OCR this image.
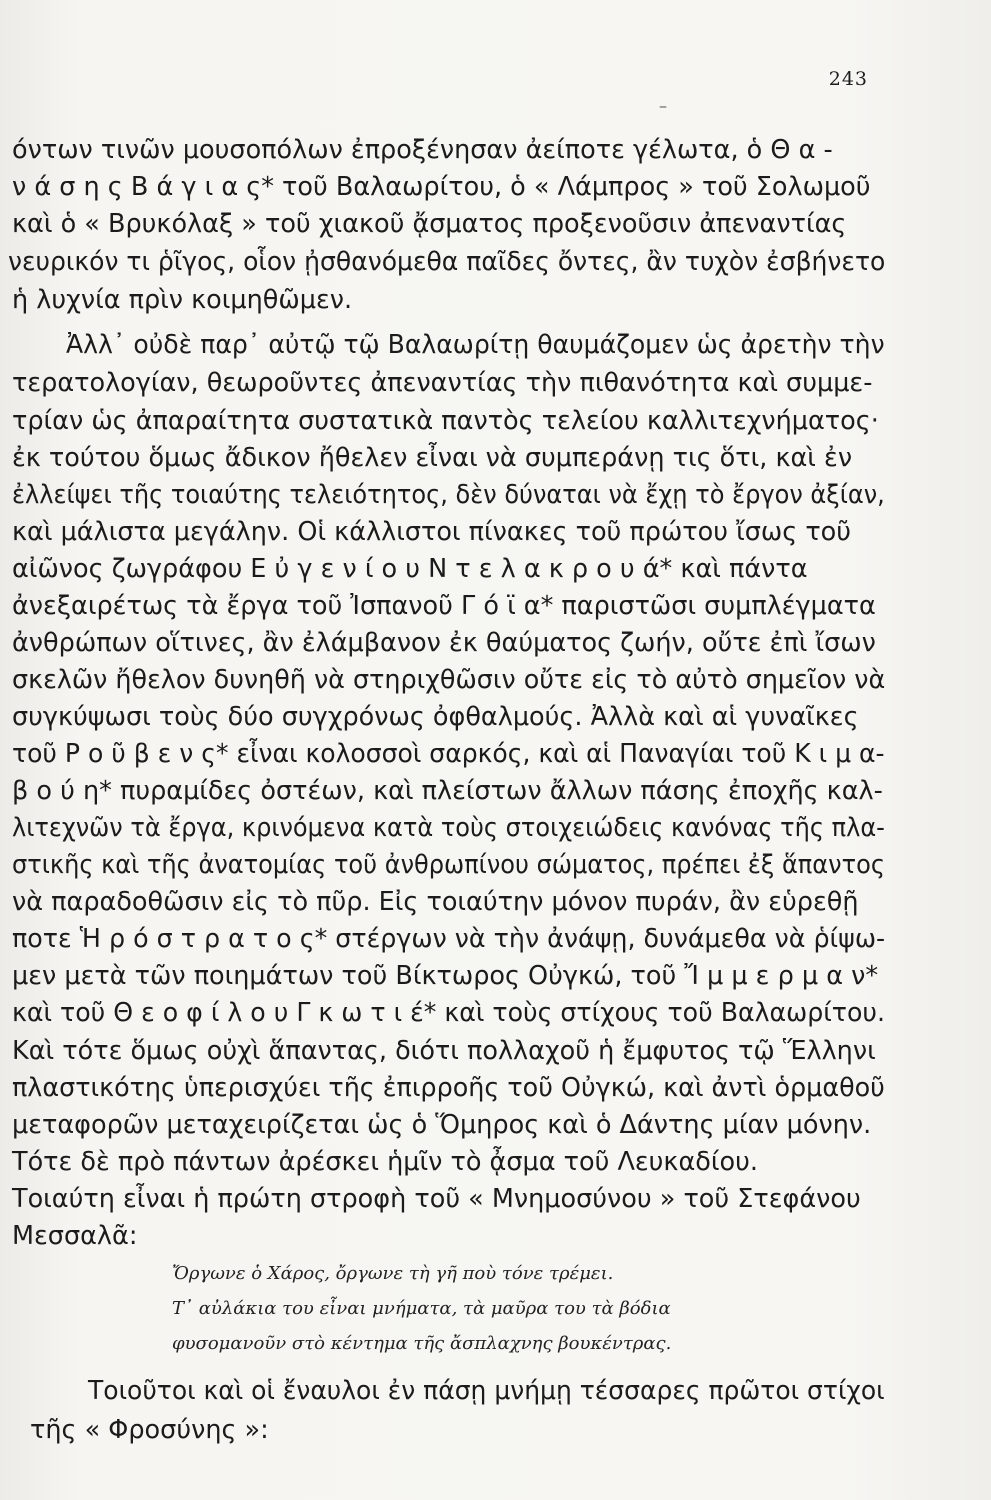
243
–
όντων τινῶν μουσοπόλων ἐπροξένησαν ἀείποτε γέλωτα, ὁ Θ α -
ν ά σ η ς Β ά γ ι α ς* τοῦ Βαλαωρίτου, ὁ « Λάμπρος » τοῦ Σολωμοῦ
καὶ ὁ « Βρυκόλαξ » τοῦ χιακοῦ ᾄσματος προξενοῦσιν ἀπεναντίας
νευρικόν τι ῥῖγος, οἷον ᾐσθανόμεθα παῖδες ὄντες, ἂν τυχὸν ἐσβήνετο
ἡ λυχνία πρὶν κοιμηθῶμεν.
Ἀλλ᾽ οὐδὲ παρ᾽ αὐτῷ τῷ Βαλαωρίτῃ θαυμάζομεν ὡς ἀρετὴν τὴν
τερατολογίαν, θεωροῦντες ἀπεναντίας τὴν πιθανότητα καὶ συμμε-
τρίαν ὡς ἀπαραίτητα συστατικὰ παντὸς τελείου καλλιτεχνήματος·
ἐκ τούτου ὅμως ἄδικον ἤθελεν εἶναι νὰ συμπεράνῃ τις ὅτι, καὶ ἐν
ἐλλείψει τῆς τοιαύτης τελειότητος, δὲν δύναται νὰ ἔχῃ τὸ ἔργον ἀξίαν,
καὶ μάλιστα μεγάλην. Οἱ κάλλιστοι πίνακες τοῦ πρώτου ἴσως τοῦ
αἰῶνος ζωγράφου Ε ὐ γ ε ν ί ο υ Ν τ ε λ α κ ρ ο υ ά* καὶ πάντα
ἀνεξαιρέτως τὰ ἔργα τοῦ Ἰσπανοῦ Γ ό ϊ α* παριστῶσι συμπλέγματα
ἀνθρώπων οἵτινες, ἂν ἐλάμβανον ἐκ θαύματος ζωήν, οὔτε ἐπὶ ἴσων
σκελῶν ἤθελον δυνηθῆ νὰ στηριχθῶσιν οὔτε εἰς τὸ αὐτὸ σημεῖον νὰ
συγκύψωσι τοὺς δύο συγχρόνως ὀφθαλμούς. Ἀλλὰ καὶ αἱ γυναῖκες
τοῦ Ρ ο ῦ β ε ν ς* εἶναι κολοσσοὶ σαρκός, καὶ αἱ Παναγίαι τοῦ Κ ι μ α-
β ο ύ η* πυραμίδες ὀστέων, καὶ πλείστων ἄλλων πάσης ἐποχῆς καλ-
λιτεχνῶν τὰ ἔργα, κρινόμενα κατὰ τοὺς στοιχειώδεις κανόνας τῆς πλα-
στικῆς καὶ τῆς ἀνατομίας τοῦ ἀνθρωπίνου σώματος, πρέπει ἐξ ἅπαντος
νὰ παραδοθῶσιν εἰς τὸ πῦρ. Εἰς τοιαύτην μόνον πυράν, ἂν εὑρεθῇ
ποτε Ἡ ρ ό σ τ ρ α τ ο ς* στέργων νὰ τὴν ἀνάψῃ, δυνάμεθα νὰ ῥίψω-
μεν μετὰ τῶν ποιημάτων τοῦ Βίκτωρος Οὐγκώ, τοῦ Ἴ μ μ ε ρ μ α ν*
καὶ τοῦ Θ ε ο φ ί λ ο υ Γ κ ω τ ι έ* καὶ τοὺς στίχους τοῦ Βαλαωρίτου.
Καὶ τότε ὅμως οὐχὶ ἅπαντας, διότι πολλαχοῦ ἡ ἔμφυτος τῷ Ἕλληνι
πλαστικότης ὑπερισχύει τῆς ἐπιρροῆς τοῦ Οὐγκώ, καὶ ἀντὶ ὁρμαθοῦ
μεταφορῶν μεταχειρίζεται ὡς ὁ Ὅμηρος καὶ ὁ Δάντης μίαν μόνην.
Τότε δὲ πρὸ πάντων ἀρέσκει ἡμῖν τὸ ᾆσμα τοῦ Λευκαδίου.
Τοιαύτη εἶναι ἡ πρώτη στροφὴ τοῦ « Μνημοσύνου » τοῦ Στεφάνου
Μεσσαλᾶ:
Ὄργωνε ὁ Χάρος, ὄργωνε τὴ γῆ ποὺ τόνε τρέμει.
Τ᾽ αὐλάκια του εἶναι μνήματα, τὰ μαῦρα του τὰ βόδια
φυσομανοῦν στὸ κέντημα τῆς ἄσπλαχνης βουκέντρας.
Τοιοῦτοι καὶ οἱ ἔναυλοι ἐν πάσῃ μνήμῃ τέσσαρες πρῶτοι στίχοι
τῆς « Φροσύνης »:
